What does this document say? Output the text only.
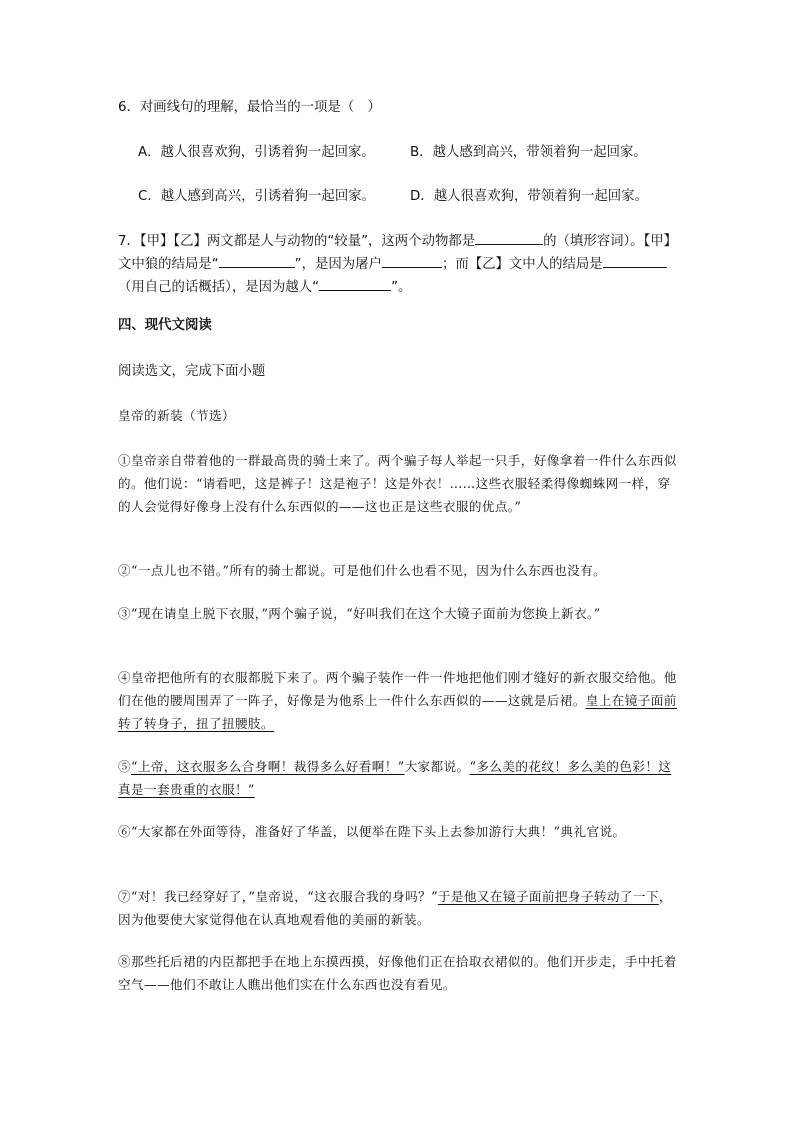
6．对画线句的理解，最恰当的一项是（　）
A．越人很喜欢狗，引诱着狗一起回家。	B．越人感到高兴，带领着狗一起回家。
C．越人感到高兴，引诱着狗一起回家。	D．越人很喜欢狗，带领着狗一起回家。
7．【甲】【乙】两文都是人与动物的“较量”，这两个动物都是	的（填形容词）。【甲】文中狼的结局是“	”，是因为屠户	；而【乙】文中人的结局是（用自己的话概括），是因为越人“	”。
四、现代文阅读
阅读选文，完成下面小题
皇帝的新装（节选）
①皇帝亲自带着他的一群最高贵的骑士来了。两个骗子每人举起一只手，好像拿着一件什么东西似的。他们说：“请看吧，这是裤子！这是袍子！这是外衣！……这些衣服轻柔得像蜘蛛网一样，穿的人会觉得好像身上没有什么东西似的——这也正是这些衣服的优点。”
②“一点儿也不错。”所有的骑士都说。可是他们什么也看不见，因为什么东西也没有。
③“现在请皇上脱下衣服，”两个骗子说，“好叫我们在这个大镜子面前为您换上新衣。”
④皇帝把他所有的衣服都脱下来了。两个骗子装作一件一件地把他们刚才缝好的新衣服交给他。他们在他的腰周围弄了一阵子，好像是为他系上一件什么东西似的——这就是后裙。皇上在镜子面前转了转身子，扭了扭腰肢。
⑤“上帝，这衣服多么合身啊！裁得多么好看啊！”大家都说。“多么美的花纹！多么美的色彩！这真是一套贵重的衣服！”
⑥“大家都在外面等待，准备好了华盖，以便举在陛下头上去参加游行大典！”典礼官说。
⑦“对！我已经穿好了，”皇帝说，“这衣服合我的身吗？”于是他又在镜子面前把身子转动了一下，因为他要使大家觉得他在认真地观看他的美丽的新装。
⑧那些托后裙的内臣都把手在地上东摸西摸，好像他们正在拾取衣裙似的。他们开步走，手中托着空气——他们不敢让人瞧出他们实在什么东西也没有看见。
